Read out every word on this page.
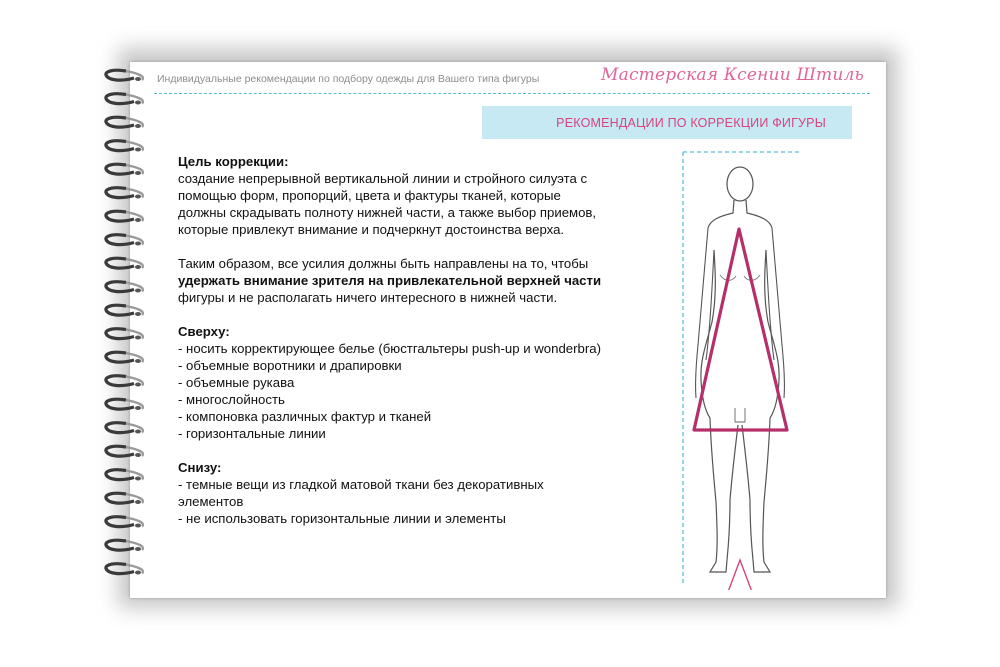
Индивидуальные рекомендации по подбору одежды для Вашего типа фигуры	Мастерская Ксении Штиль
РЕКОМЕНДАЦИИ ПО КОРРЕКЦИИ ФИГУРЫ

Цель коррекции:

создание непрерывной вертикальной линии и стройного силуэта с

помощью форм, пропорций, цвета и фактуры тканей, которые

должны скрадывать полноту нижней части, а также выбор приемов,

которые привлекут внимание и подчеркнут достоинства верха.

Таким образом, все усилия должны быть направлены на то, чтобы

удержать внимание зрителя на привлекательной верхней части

фигуры и не располагать ничего интересного в нижней части.

Сверху:

- носить корректирующее белье (бюстгальтеры push-up и wonderbra)

- объемные воротники и драпировки

- объемные рукава

- многослойность

- компоновка различных фактур и тканей

- горизонтальные линии

Снизу:

- темные вещи из гладкой матовой ткани без декоративных

элементов

- не использовать горизонтальные линии и элементы
